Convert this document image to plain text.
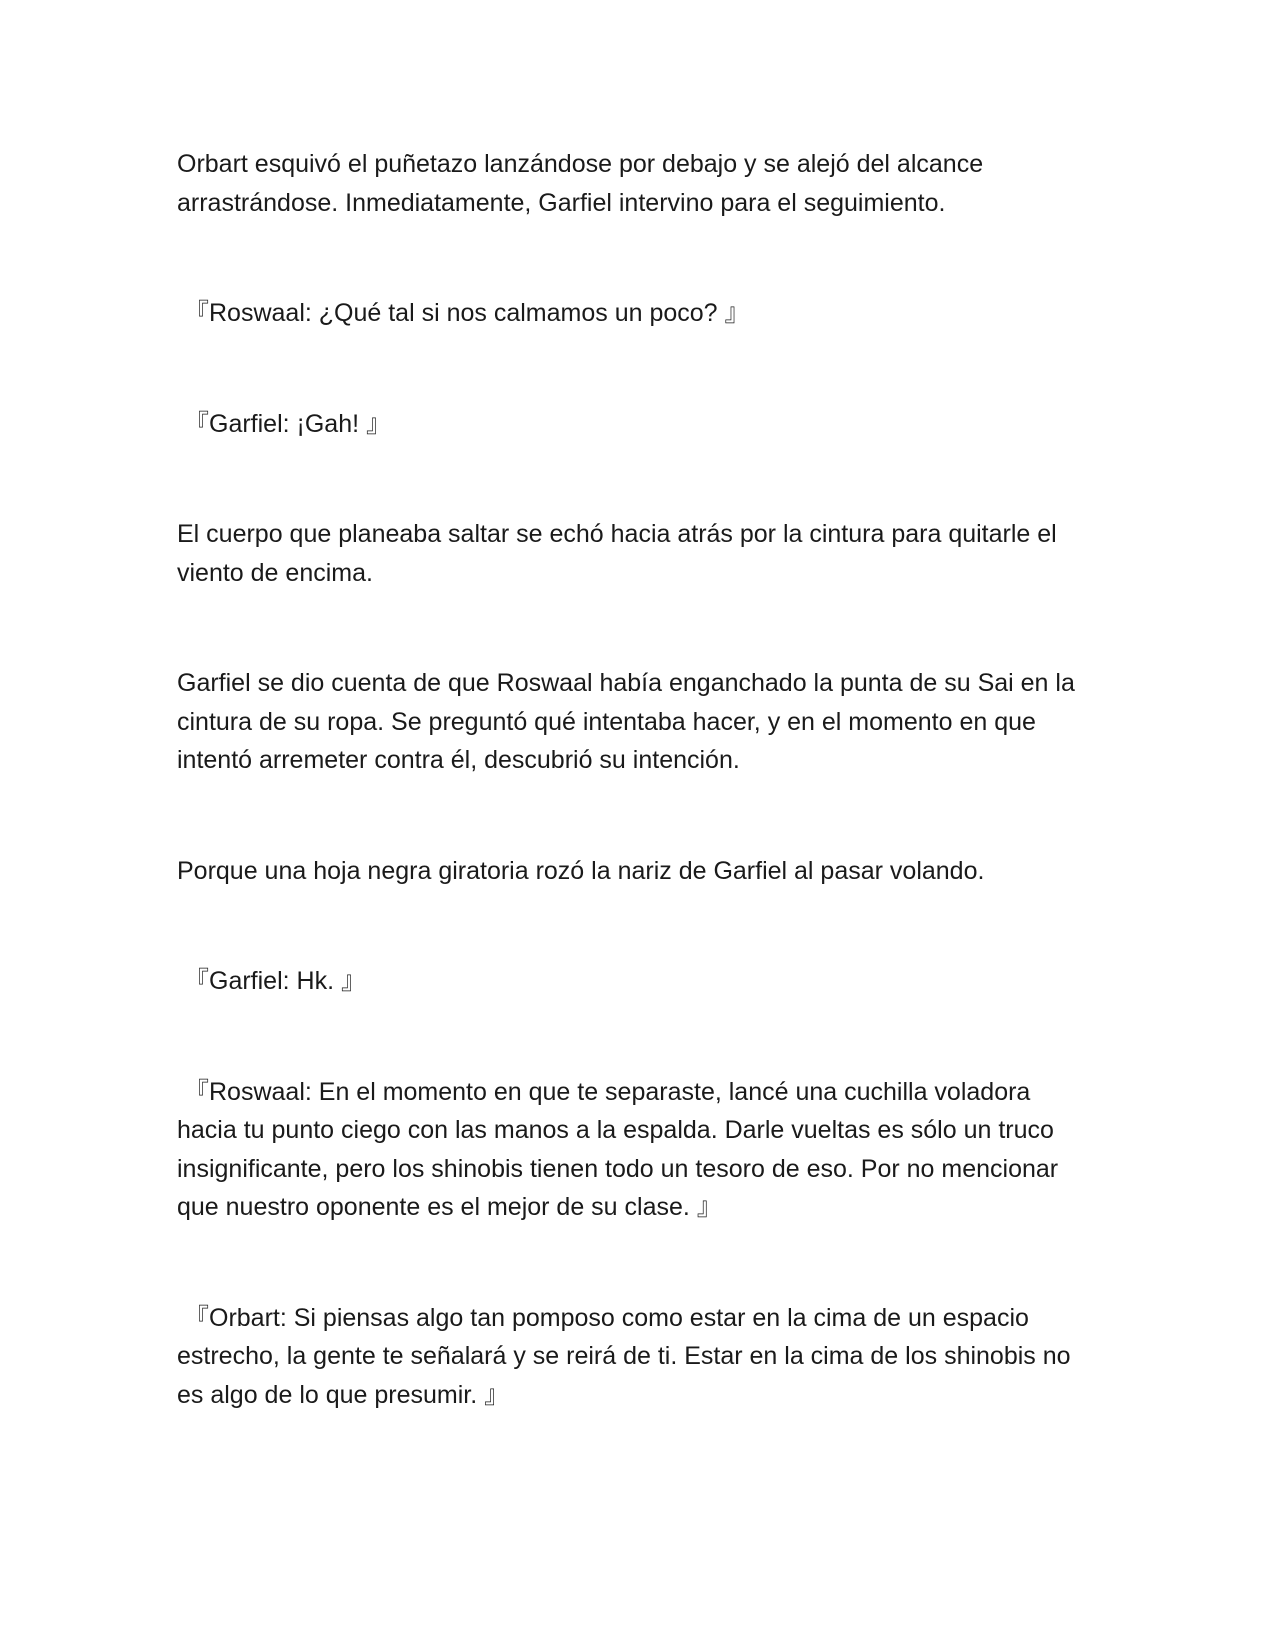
Orbart esquivó el puñetazo lanzándose por debajo y se alejó del alcance arrastrándose. Inmediatamente, Garfiel intervino para el seguimiento.

『Roswaal: ¿Qué tal si nos calmamos un poco? 』

『Garfiel: ¡Gah! 』

El cuerpo que planeaba saltar se echó hacia atrás por la cintura para quitarle el viento de encima.

Garfiel se dio cuenta de que Roswaal había enganchado la punta de su Sai en la cintura de su ropa. Se preguntó qué intentaba hacer, y en el momento en que intentó arremeter contra él, descubrió su intención.

Porque una hoja negra giratoria rozó la nariz de Garfiel al pasar volando.

『Garfiel: Hk. 』

『Roswaal: En el momento en que te separaste, lancé una cuchilla voladora hacia tu punto ciego con las manos a la espalda. Darle vueltas es sólo un truco insignificante, pero los shinobis tienen todo un tesoro de eso. Por no mencionar que nuestro oponente es el mejor de su clase. 』

『Orbart: Si piensas algo tan pomposo como estar en la cima de un espacio estrecho, la gente te señalará y se reirá de ti. Estar en la cima de los shinobis no es algo de lo que presumir. 』
